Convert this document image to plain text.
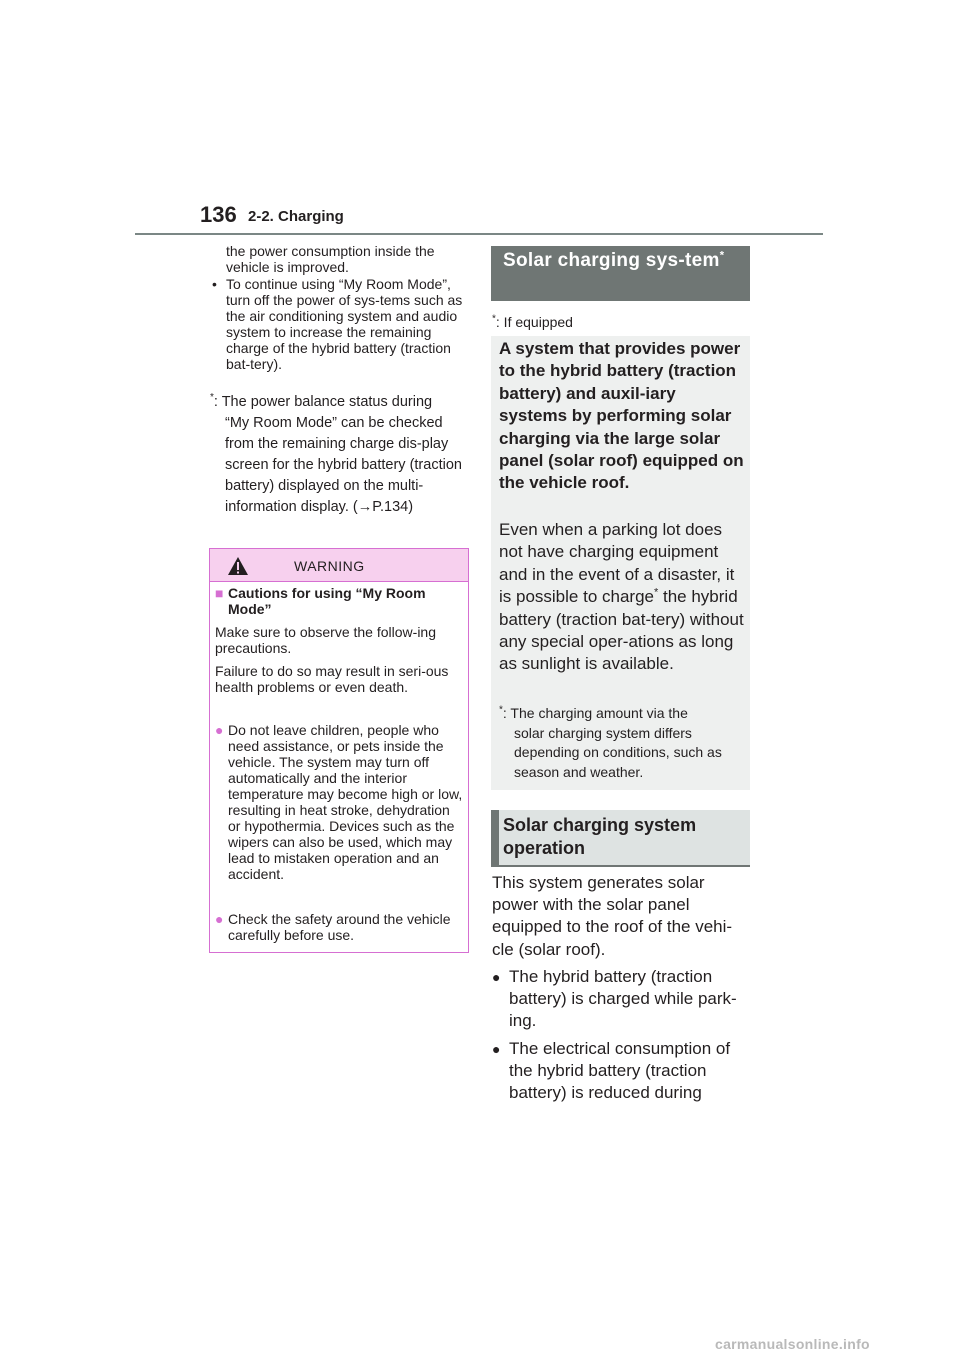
136 2-2. Charging
the power consumption inside the vehicle is improved.
• To continue using “My Room Mode”, turn off the power of sys-tems such as the air conditioning system and audio system to increase the remaining charge of the hybrid battery (traction bat-tery).
*: The power balance status during
“My Room Mode” can be checked from the remaining charge dis-play screen for the hybrid battery (traction battery) displayed on the multi-information display. (→P.134)
WARNING
■ Cautions for using “My Room Mode”
Make sure to observe the follow-ing precautions.
Failure to do so may result in seri-ous health problems or even death.
● Do not leave children, people who need assistance, or pets inside the vehicle. The system may turn off automatically and the interior temperature may become high or low, resulting in heat stroke, dehydration or hypothermia. Devices such as the wipers can also be used, which may lead to mistaken operation and an accident.
● Check the safety around the vehicle carefully before use.
Solar charging sys-tem*
*: If equipped
A system that provides power to the hybrid battery (traction battery) and auxil-iary systems by performing solar charging via the large solar panel (solar roof) equipped on the vehicle roof.
Even when a parking lot does not have charging equipment and in the event of a disaster, it is possible to charge* the hybrid battery (traction bat-tery) without any special oper-ations as long as sunlight is available.
*: The charging amount via the
solar charging system differs depending on conditions, such as season and weather.
Solar charging system operation
This system generates solar power with the solar panel equipped to the roof of the vehi-cle (solar roof).
● The hybrid battery (traction battery) is charged while park-ing.
● The electrical consumption of the hybrid battery (traction battery) is reduced during
carmanualsonline.info
